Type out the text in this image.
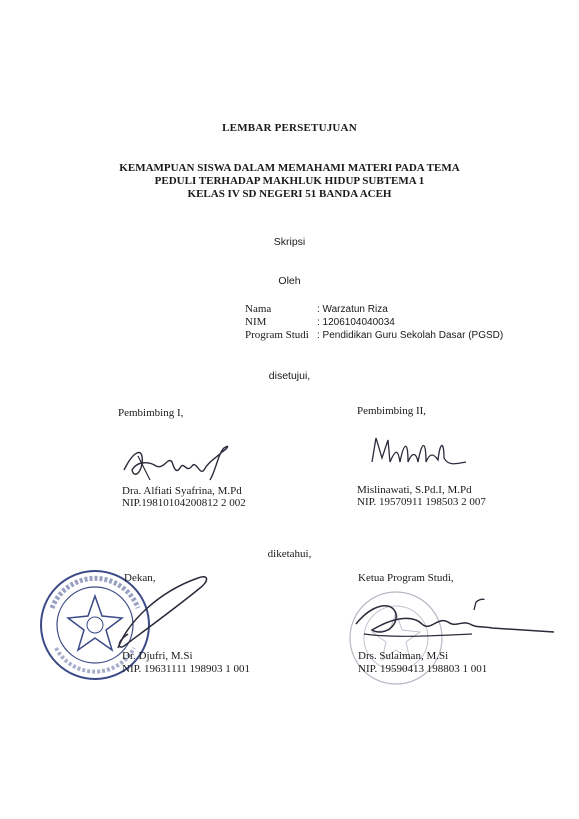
LEMBAR PERSETUJUAN
KEMAMPUAN SISWA DALAM MEMAHAMI MATERI PADA TEMA
PEDULI TERHADAP MAKHLUK HIDUP SUBTEMA 1
KELAS IV SD NEGERI 51 BANDA ACEH
Skripsi
Oleh
Nama	: Warzatun Riza
NIM	: 1206104040034
Program Studi : Pendidikan Guru Sekolah Dasar (PGSD)
disetujui,
Pembimbing I,	Pembimbing II,
Dra. Alfiati Syafrina, M.Pd
NIP.19810104200812 2 002
Mislinawati, S.Pd.I, M.Pd
NIP. 19570911 198503 2 007
diketahui,
Dekan,
Dr. Djufri, M.Si
NIP. 19631111 198903 1 001
Ketua Program Studi,
Drs. Sulaiman, M.Si
NIP. 19590413 198803 1 001
